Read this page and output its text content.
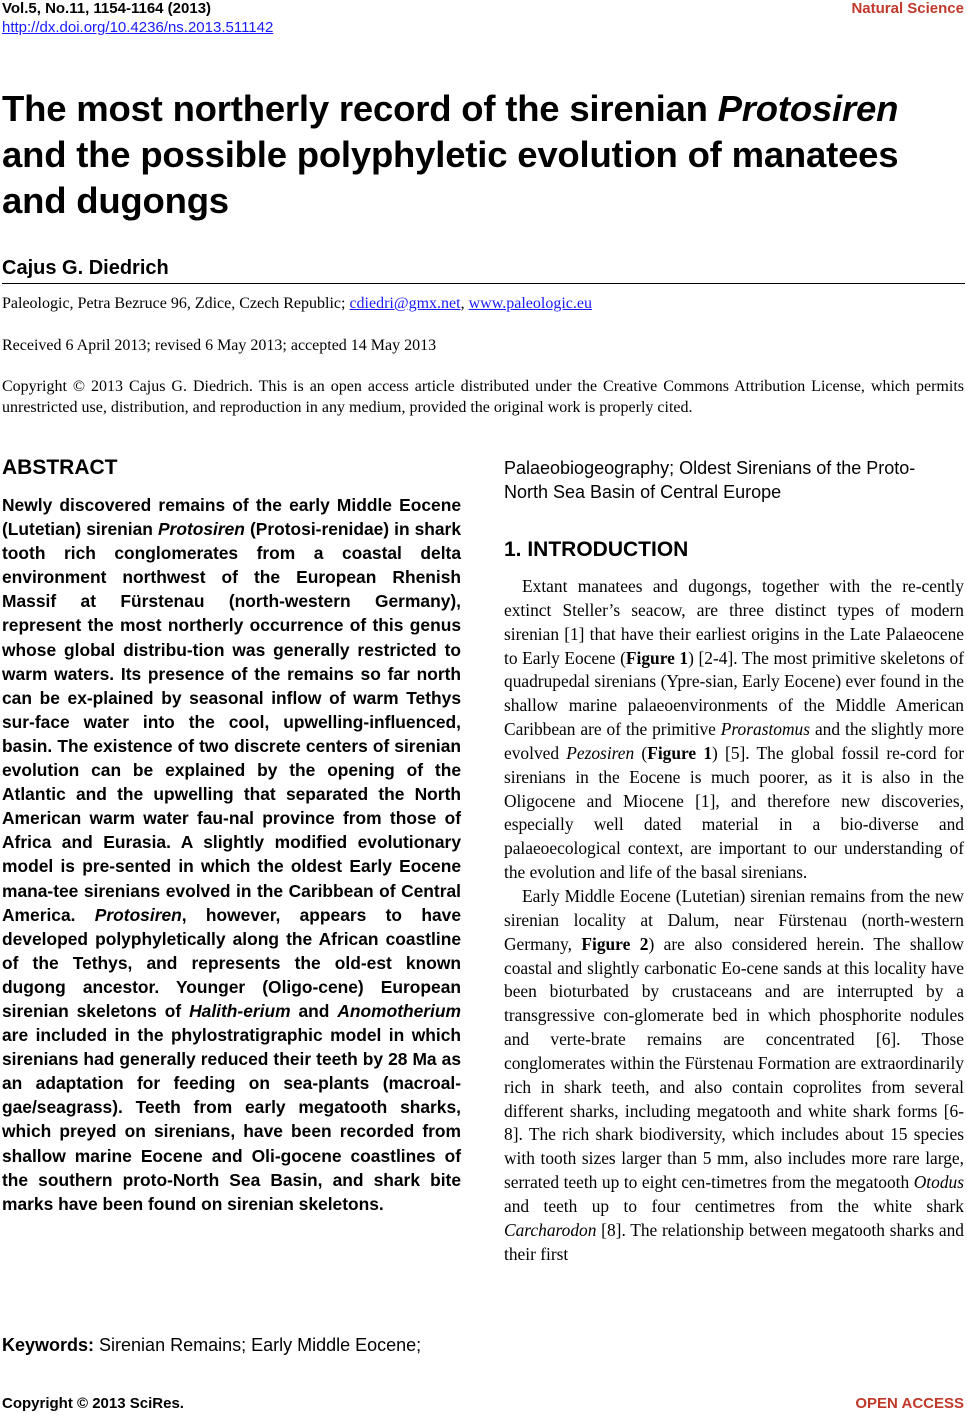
Vol.5, No.11, 1154-1164 (2013)
http://dx.doi.org/10.4236/ns.2013.511142
Natural Science
The most northerly record of the sirenian Protosiren and the possible polyphyletic evolution of manatees and dugongs
Cajus G. Diedrich
Paleologic, Petra Bezruce 96, Zdice, Czech Republic; cdiedri@gmx.net, www.paleologic.eu
Received 6 April 2013; revised 6 May 2013; accepted 14 May 2013
Copyright © 2013 Cajus G. Diedrich. This is an open access article distributed under the Creative Commons Attribution License, which permits unrestricted use, distribution, and reproduction in any medium, provided the original work is properly cited.
ABSTRACT
Newly discovered remains of the early Middle Eocene (Lutetian) sirenian Protosiren (Protosi-renidae) in shark tooth rich conglomerates from a coastal delta environment northwest of the European Rhenish Massif at Fürstenau (north-western Germany), represent the most northerly occurrence of this genus whose global distribu-tion was generally restricted to warm waters. Its presence of the remains so far north can be ex-plained by seasonal inflow of warm Tethys sur-face water into the cool, upwelling-influenced, basin. The existence of two discrete centers of sirenian evolution can be explained by the opening of the Atlantic and the upwelling that separated the North American warm water fau-nal province from those of Africa and Eurasia. A slightly modified evolutionary model is pre-sented in which the oldest Early Eocene mana-tee sirenians evolved in the Caribbean of Central America. Protosiren, however, appears to have developed polyphyletically along the African coastline of the Tethys, and represents the old-est known dugong ancestor. Younger (Oligo-cene) European sirenian skeletons of Halith-erium and Anomotherium are included in the phylostratigraphic model in which sirenians had generally reduced their teeth by 28 Ma as an adaptation for feeding on sea-plants (macroal-gae/seagrass). Teeth from early megatooth sharks, which preyed on sirenians, have been recorded from shallow marine Eocene and Oli-gocene coastlines of the southern proto-North Sea Basin, and shark bite marks have been found on sirenian skeletons.
Keywords: Sirenian Remains; Early Middle Eocene;
Palaeobiogeography; Oldest Sirenians of the Proto-North Sea Basin of Central Europe
1. INTRODUCTION

Extant manatees and dugongs, together with the re-cently extinct Steller’s seacow, are three distinct types of modern sirenian [1] that have their earliest origins in the Late Palaeocene to Early Eocene (Figure 1) [2-4]. The most primitive skeletons of quadrupedal sirenians (Ypre-sian, Early Eocene) ever found in the shallow marine palaeoenvironments of the Middle American Caribbean are of the primitive Prorastomus and the slightly more evolved Pezosiren (Figure 1) [5]. The global fossil re-cord for sirenians in the Eocene is much poorer, as it is also in the Oligocene and Miocene [1], and therefore new discoveries, especially well dated material in a bio-diverse and palaeoecological context, are important to our understanding of the evolution and life of the basal sirenians.

Early Middle Eocene (Lutetian) sirenian remains from the new sirenian locality at Dalum, near Fürstenau (north-western Germany, Figure 2) are also considered herein. The shallow coastal and slightly carbonatic Eo-cene sands at this locality have been bioturbated by crustaceans and are interrupted by a transgressive con-glomerate bed in which phosphorite nodules and verte-brate remains are concentrated [6]. Those conglomerates within the Fürstenau Formation are extraordinarily rich in shark teeth, and also contain coprolites from several different sharks, including megatooth and white shark forms [6-8]. The rich shark biodiversity, which includes about 15 species with tooth sizes larger than 5 mm, also includes more rare large, serrated teeth up to eight cen-timetres from the megatooth Otodus and teeth up to four centimetres from the white shark Carcharodon [8]. The relationship between megatooth sharks and their first

Copyright © 2013 SciRes.	OPEN ACCESS
